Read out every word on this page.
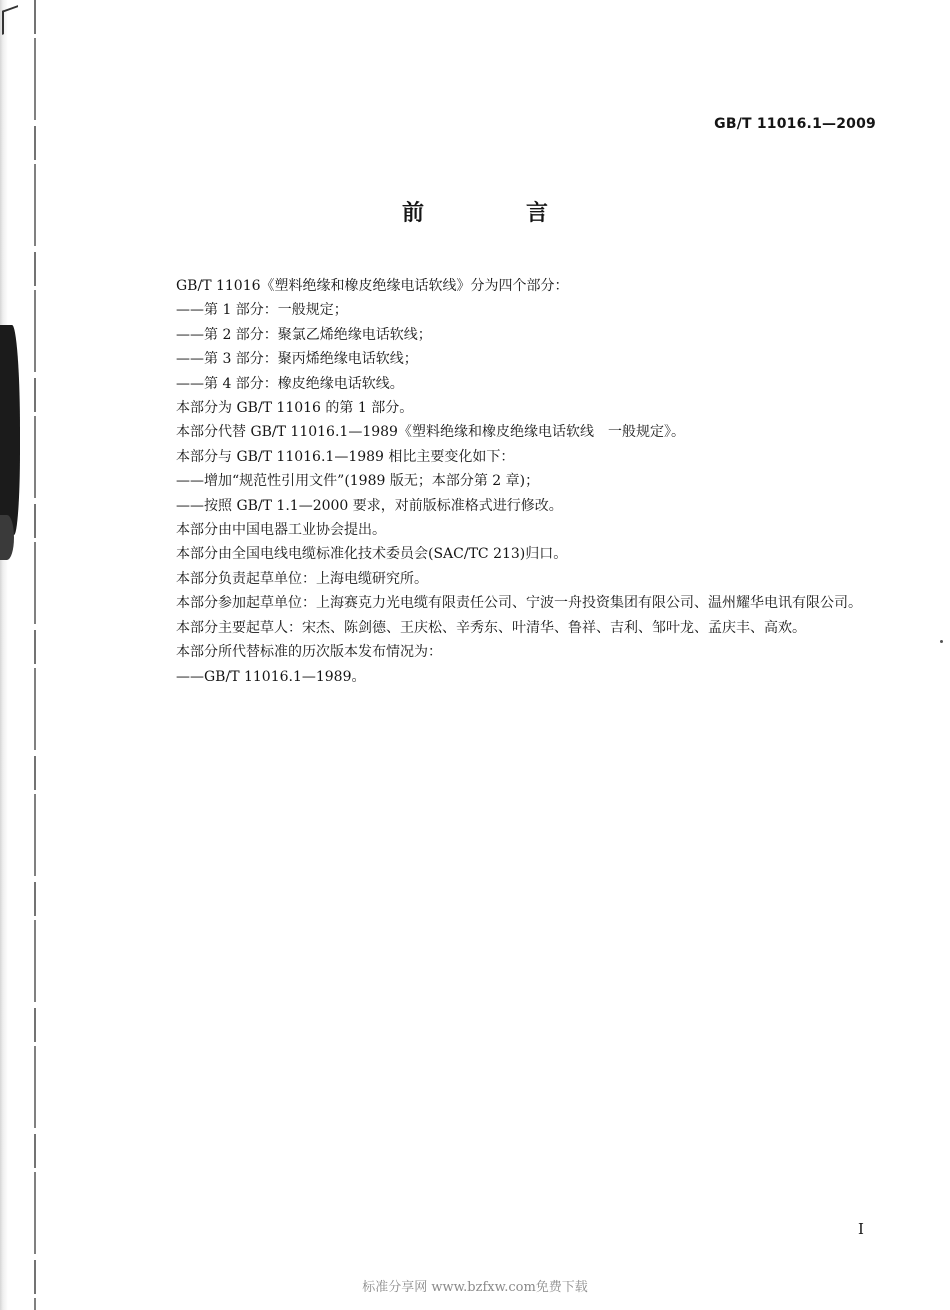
GB/T 11016.1—2009
前　言

GB/T 11016《塑料绝缘和橡皮绝缘电话软线》分为四个部分：

——第 1 部分：一般规定；

——第 2 部分：聚氯乙烯绝缘电话软线；

——第 3 部分：聚丙烯绝缘电话软线；

——第 4 部分：橡皮绝缘电话软线。

本部分为 GB/T 11016 的第 1 部分。

本部分代替 GB/T 11016.1—1989《塑料绝缘和橡皮绝缘电话软线　一般规定》。

本部分与 GB/T 11016.1—1989 相比主要变化如下：

——增加“规范性引用文件”(1989 版无；本部分第 2 章)；

——按照 GB/T 1.1—2000 要求，对前版标准格式进行修改。

本部分由中国电器工业协会提出。

本部分由全国电线电缆标准化技术委员会(SAC/TC 213)归口。

本部分负责起草单位：上海电缆研究所。

本部分参加起草单位：上海赛克力光电缆有限责任公司、宁波一舟投资集团有限公司、温州耀华电讯有限公司。

本部分主要起草人：宋杰、陈剑德、王庆松、辛秀东、叶清华、鲁祥、吉利、邹叶龙、孟庆丰、高欢。

本部分所代替标准的历次版本发布情况为：

——GB/T 11016.1—1989。

I
标准分享网 www.bzfxw.com免费下载
